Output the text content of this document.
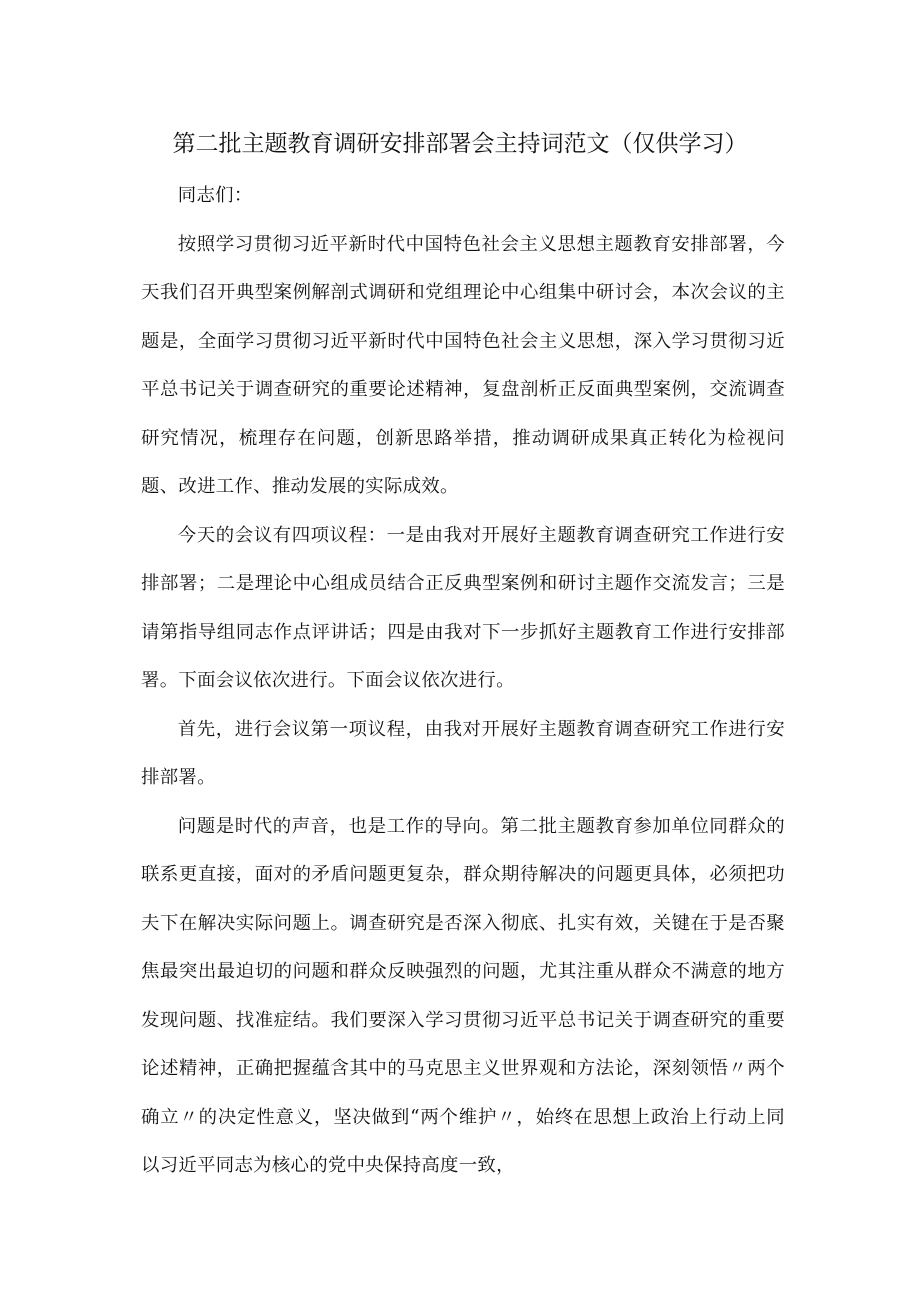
第二批主题教育调研安排部署会主持词范文（仅供学习）

同志们：

按照学习贯彻习近平新时代中国特色社会主义思想主题教育安排部署，今天我们召开典型案例解剖式调研和党组理论中心组集中研讨会，本次会议的主题是，全面学习贯彻习近平新时代中国特色社会主义思想，深入学习贯彻习近平总书记关于调查研究的重要论述精神，复盘剖析正反面典型案例，交流调查研究情况，梳理存在问题，创新思路举措，推动调研成果真正转化为检视问题、改进工作、推动发展的实际成效。

今天的会议有四项议程：一是由我对开展好主题教育调查研究工作进行安排部署；二是理论中心组成员结合正反典型案例和研讨主题作交流发言；三是请第指导组同志作点评讲话；四是由我对下一步抓好主题教育工作进行安排部署。下面会议依次进行。下面会议依次进行。

首先，进行会议第一项议程，由我对开展好主题教育调查研究工作进行安排部署。

问题是时代的声音，也是工作的导向。第二批主题教育参加单位同群众的联系更直接，面对的矛盾问题更复杂，群众期待解决的问题更具体，必须把功夫下在解决实际问题上。调查研究是否深入彻底、扎实有效，关键在于是否聚焦最突出最迫切的问题和群众反映强烈的问题，尤其注重从群众不满意的地方发现问题、找准症结。我们要深入学习贯彻习近平总书记关于调查研究的重要论述精神，正确把握蕴含其中的马克思主义世界观和方法论，深刻领悟〃两个确立〃的决定性意义，坚决做到“两个维护〃，始终在思想上政治上行动上同以习近平同志为核心的党中央保持高度一致，
